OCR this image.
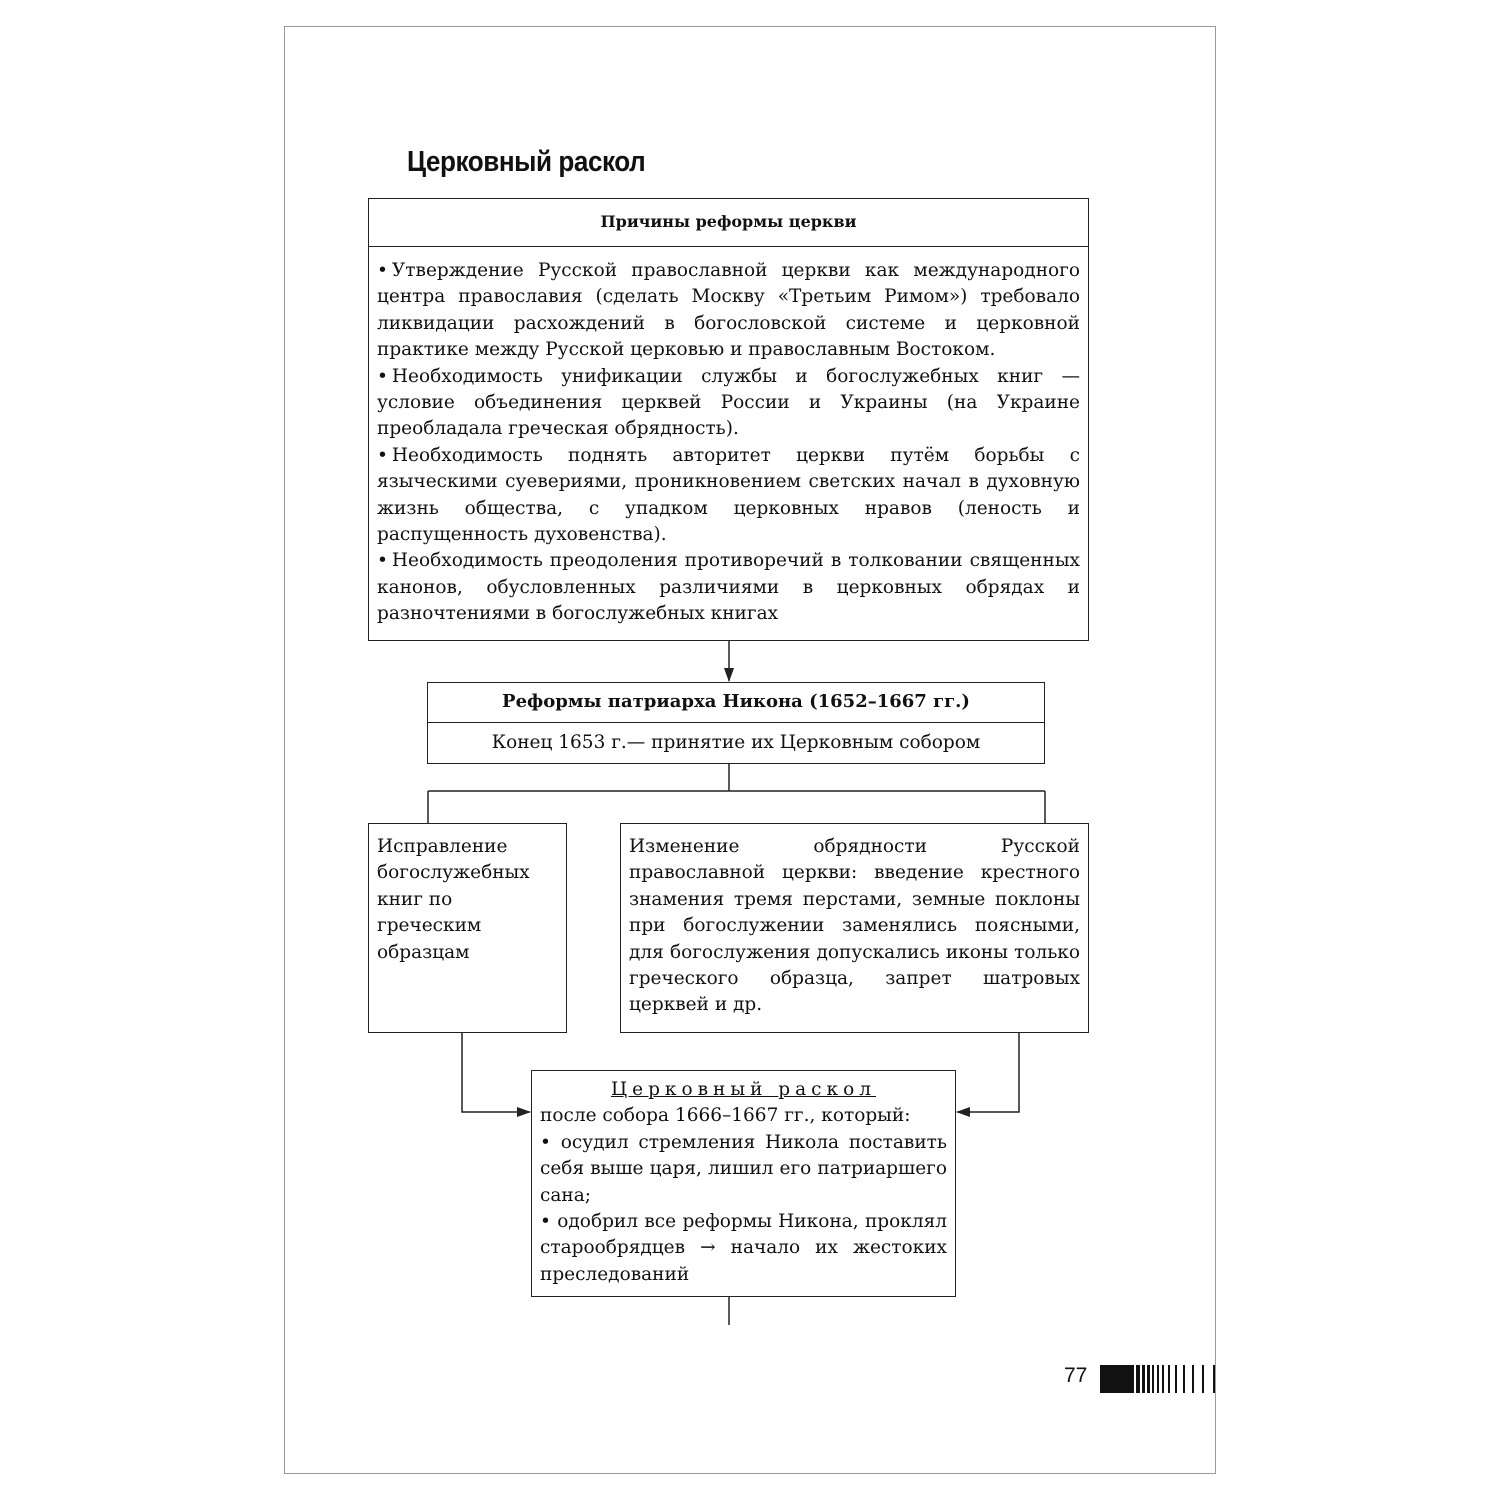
Церковный раскол
Причины реформы церкви

• Утверждение Русской православной церкви как международного центра православия (сделать Москву «Третьим Римом») требовало ликвидации расхождений в богословской системе и церковной практике между Русской церковью и православным Востоком.

• Необходимость унификации службы и богослужебных книг — условие объединения церквей России и Украины (на Украине преобладала греческая обрядность).

• Необходимость поднять авторитет церкви путём борьбы с языческими суевериями, проникновением светских начал в духовную жизнь общества, с упадком церковных нравов (леность и распущенность духовенства).

• Необходимость преодоления противоречий в толковании священных канонов, обусловленных различиями в церковных обрядах и разночтениями в богослужебных книгах

Реформы патриарха Никона (1652–1667 гг.)
Конец 1653 г.— принятие их Церковным собором
Исправление богослужебных книг по греческим образцам
Изменение обрядности Русской православной церкви: введение крестного знамения тремя перстами, земные поклоны при богослужении заменялись поясными, для богослужения допускались иконы только греческого образца, запрет шатровых церквей и др.
Церковный раскол

после собора 1666–1667 гг., который:

• осудил стремления Никола поставить себя выше царя, лишил его патриаршего сана;

• одобрил все реформы Никона, проклял старообрядцев → начало их жестоких преследований

77
